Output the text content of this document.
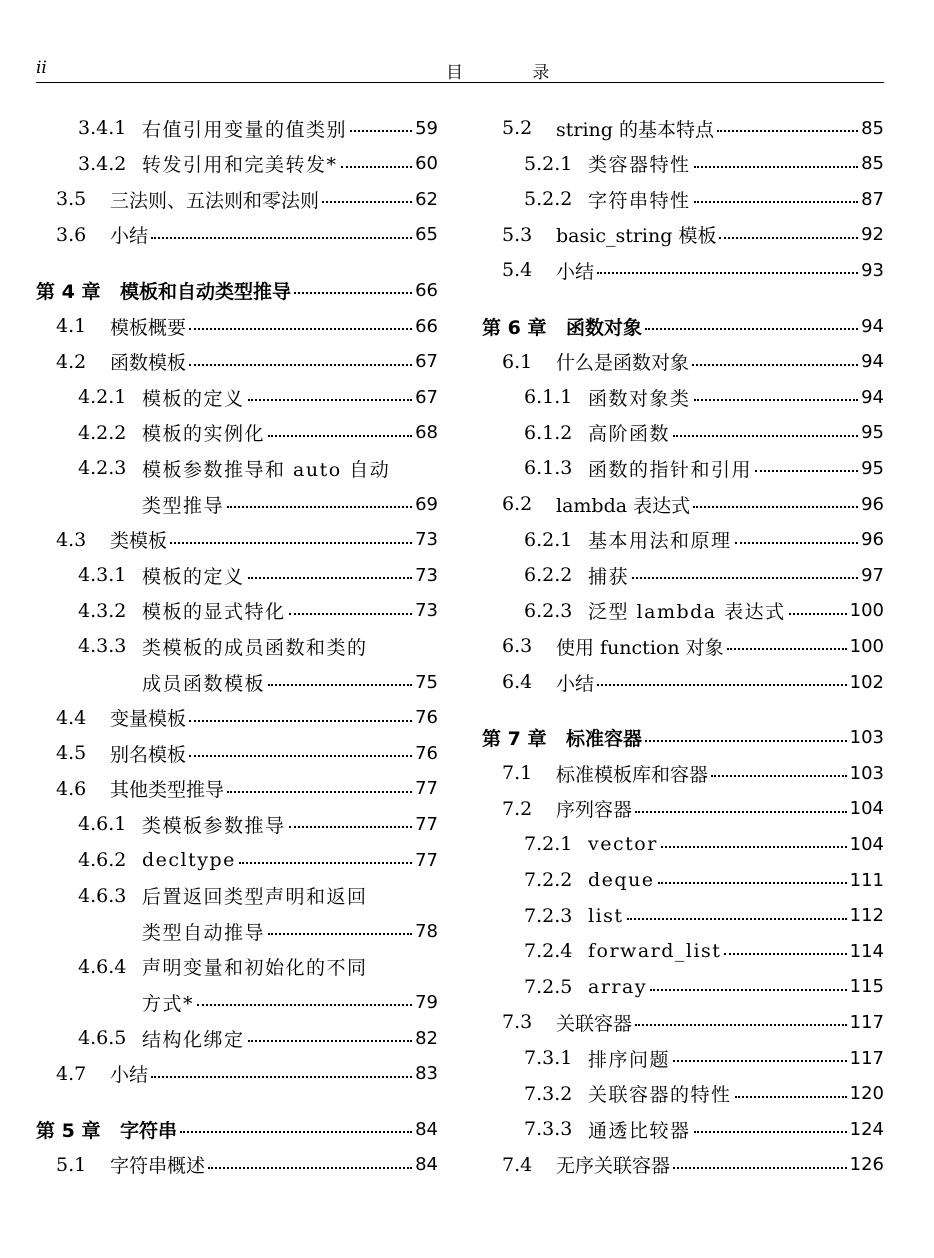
ii	目 录
3.4.1 右值引用变量的值类别	59
3.4.2 转发引用和完美转发*	60
3.5	三法则、五法则和零法则	62
3.6	小结	65
第 4 章	模板和自动类型推导	66
4.1	模板概要	66
4.2	函数模板	67
4.2.1 模板的定义	67
4.2.2 模板的实例化	68
4.2.3 模板参数推导和 auto 自动
类型推导	69
4.3	类模板	73
4.3.1 模板的定义	73
4.3.2 模板的显式特化	73
4.3.3 类模板的成员函数和类的
成员函数模板	75
4.4	变量模板	76
4.5	别名模板	76
4.6	其他类型推导	77
4.6.1 类模板参数推导	77
4.6.2 decltype	77
4.6.3 后置返回类型声明和返回
类型自动推导	78
4.6.4 声明变量和初始化的不同
方式*	79
4.6.5 结构化绑定	82
4.7	小结	83
第 5 章	字符串	84
5.1	字符串概述	84
5.2	string 的基本特点	85
5.2.1 类容器特性	85
5.2.2 字符串特性	87
5.3	basic_string 模板	92
5.4	小结	93
第 6 章	函数对象	94
6.1	什么是函数对象	94
6.1.1 函数对象类	94
6.1.2 高阶函数	95
6.1.3 函数的指针和引用	95
6.2	lambda 表达式	96
6.2.1 基本用法和原理	96
6.2.2 捕获	97
6.2.3 泛型 lambda 表达式	100
6.3	使用 function 对象	100
6.4	小结	102
第 7 章	标准容器	103
7.1	标准模板库和容器	103
7.2	序列容器	104
7.2.1 vector	104
7.2.2 deque	111
7.2.3 list	112
7.2.4 forward_list	114
7.2.5 array	115
7.3	关联容器	117
7.3.1 排序问题	117
7.3.2 关联容器的特性	120
7.3.3 通透比较器	124
7.4	无序关联容器	126
